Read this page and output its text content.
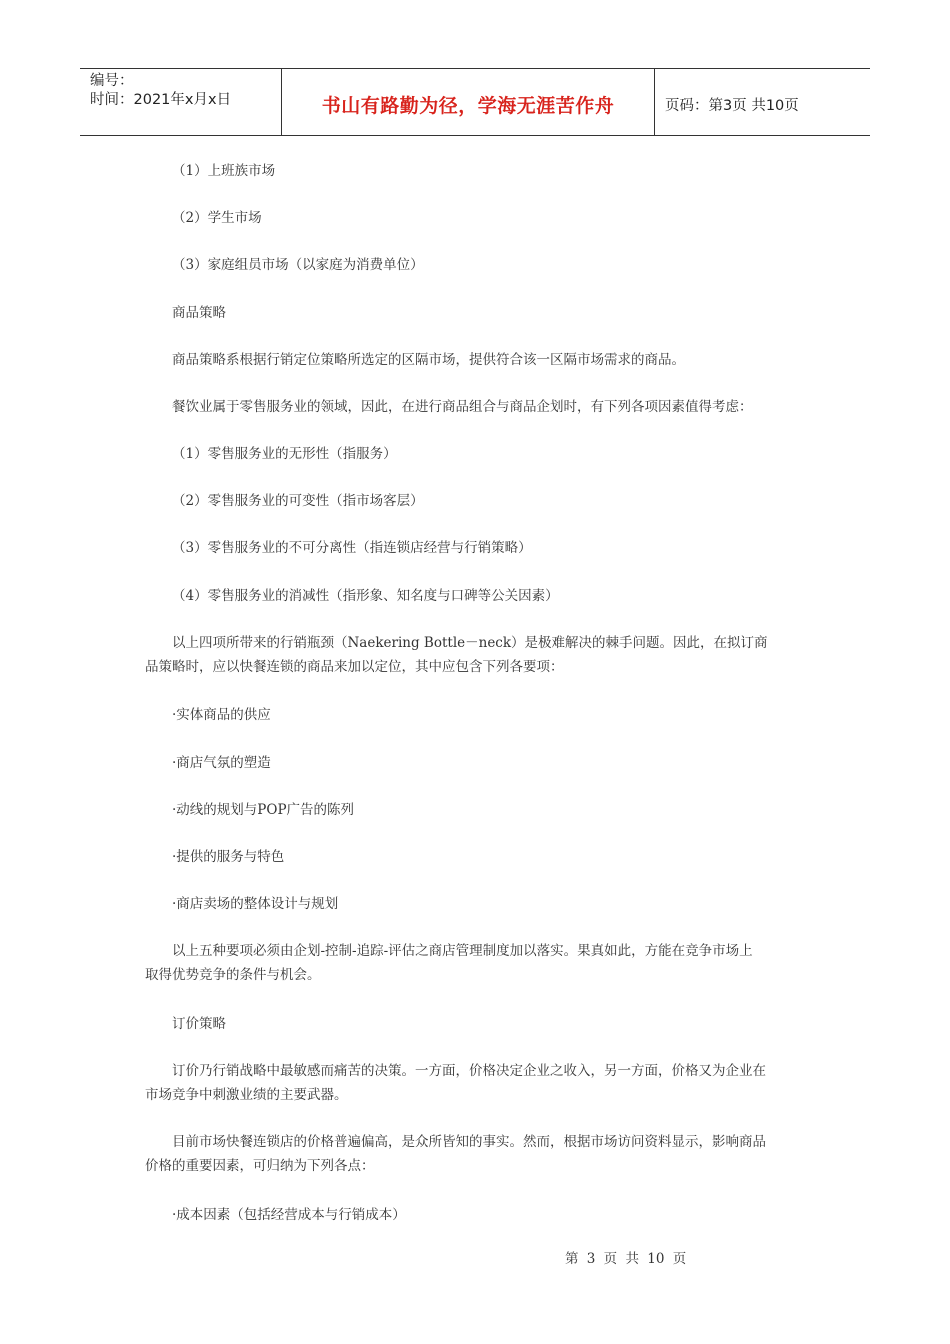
编号：
时间：2021年x月x日	书山有路勤为径，学海无涯苦作舟	页码：第3页 共10页
（1）上班族市场
（2）学生市场
（3）家庭组员市场（以家庭为消费单位）
商品策略
商品策略系根据行销定位策略所选定的区隔市场，提供符合该一区隔市场需求的商品。
餐饮业属于零售服务业的领域，因此，在进行商品组合与商品企划时，有下列各项因素值得考虑：
（1）零售服务业的无形性（指服务）
（2）零售服务业的可变性（指市场客层）
（3）零售服务业的不可分离性（指连锁店经营与行销策略）
（4）零售服务业的消减性（指形象、知名度与口碑等公关因素）
以上四项所带来的行销瓶颈（Naekering Bottle－neck）是极难解决的棘手问题。因此，在拟订商
品策略时，应以快餐连锁的商品来加以定位，其中应包含下列各要项：
·实体商品的供应
·商店气氛的塑造
·动线的规划与POP广告的陈列
·提供的服务与特色
·商店卖场的整体设计与规划
以上五种要项必须由企划-控制-追踪-评估之商店管理制度加以落实。果真如此，方能在竞争市场上
取得优势竞争的条件与机会。
订价策略
订价乃行销战略中最敏感而痛苦的决策。一方面，价格决定企业之收入，另一方面，价格又为企业在
市场竞争中刺激业绩的主要武器。
目前市场快餐连锁店的价格普遍偏高，是众所皆知的事实。然而，根据市场访问资料显示，影响商品
价格的重要因素，可归纳为下列各点：
·成本因素（包括经营成本与行销成本）
第 3 页 共 10 页
